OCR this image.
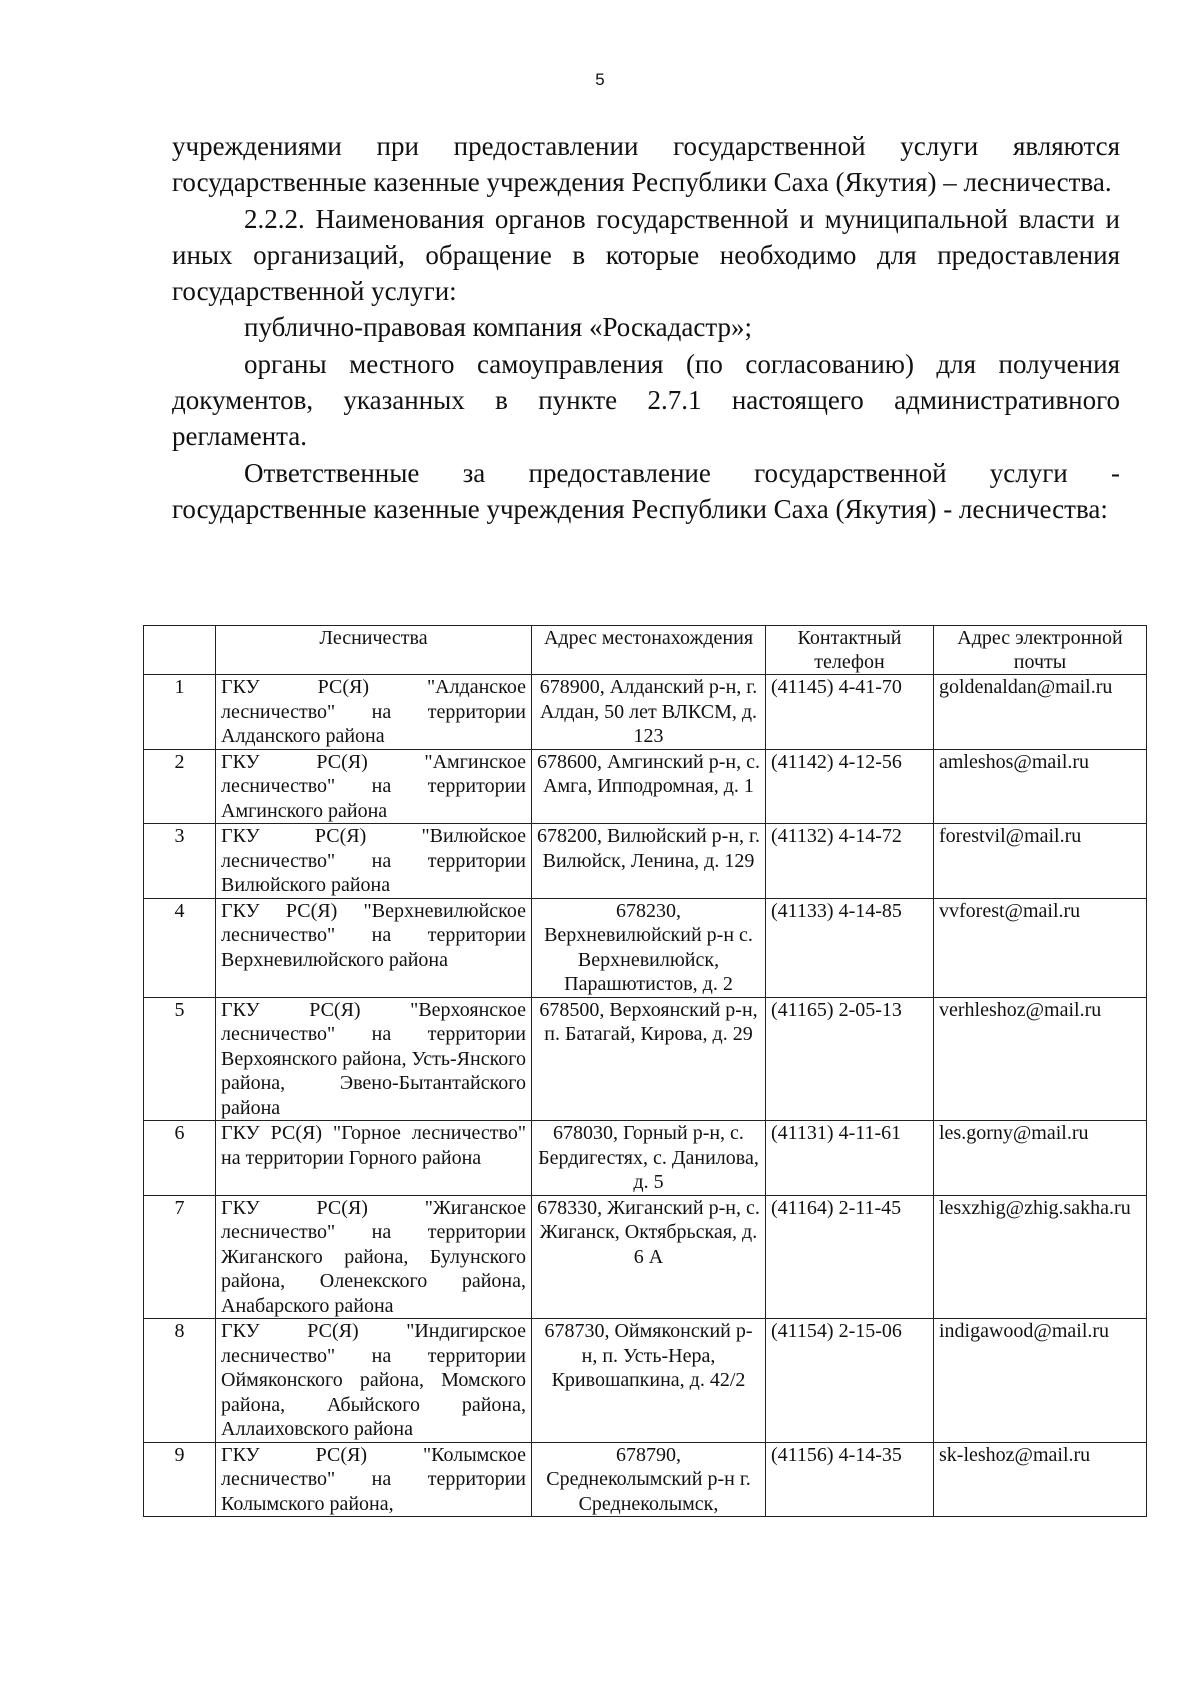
5

учреждениями при предоставлении государственной услуги являются государственные казенные учреждения Республики Саха (Якутия) – лесничества.

2.2.2. Наименования органов государственной и муниципальной власти и иных организаций, обращение в которые необходимо для предоставления государственной услуги:

публично-правовая компания «Роскадастр»;

органы местного самоуправления (по согласованию) для получения документов, указанных в пункте 2.7.1 настоящего административного регламента.

Ответственные за предоставление государственной услуги - государственные казенные учреждения Республики Саха (Якутия) - лесничества:

	Лесничества	Адрес местонахождения	Контактный телефон	Адрес электронной почты
1	ГКУ РС(Я) "Алданское лесничество" на территории Алданского района	678900, Алданский р-н, г. Алдан, 50 лет ВЛКСМ, д. 123	(41145) 4-41-70	goldenaldan@mail.ru
2	ГКУ РС(Я) "Амгинское лесничество" на территории Амгинского района	678600, Амгинский р-н, с. Амга, Ипподромная, д. 1	(41142) 4-12-56	amleshos@mail.ru
3	ГКУ РС(Я) "Вилюйское лесничество" на территории Вилюйского района	678200, Вилюйский р-н, г. Вилюйск, Ленина, д. 129	(41132) 4-14-72	forestvil@mail.ru
4	ГКУ РС(Я) "Верхневилюйское лесничество" на территории Верхневилюйского района	678230, Верхневилюйский р-н с. Верхневилюйск, Парашютистов, д. 2	(41133) 4-14-85	vvforest@mail.ru
5	ГКУ РС(Я) "Верхоянское лесничество" на территории Верхоянского района, Усть-Янского района, Эвено-Бытантайского района	678500, Верхоянский р-н, п. Батагай, Кирова, д. 29	(41165) 2-05-13	verhleshoz@mail.ru
6	ГКУ РС(Я) "Горное лесничество" на территории Горного района	678030, Горный р-н, с. Бердигестях, с. Данилова, д. 5	(41131) 4-11-61	les.gorny@mail.ru
7	ГКУ РС(Я) "Жиганское лесничество" на территории Жиганского района, Булунского района, Оленекского района, Анабарского района	678330, Жиганский р-н, с. Жиганск, Октябрьская, д. 6 А	(41164) 2-11-45	lesxzhig@zhig.sakha.ru
8	ГКУ РС(Я) "Индигирское лесничество" на территории Оймяконского района, Момского района, Абыйского района, Аллаиховского района	678730, Оймяконский р-н, п. Усть-Нера, Кривошапкина, д. 42/2	(41154) 2-15-06	indigawood@mail.ru
9	ГКУ РС(Я) "Колымское лесничество" на территории Колымского района,	678790, Среднеколымский р-н г. Среднеколымск,	(41156) 4-14-35	sk-leshoz@mail.ru
